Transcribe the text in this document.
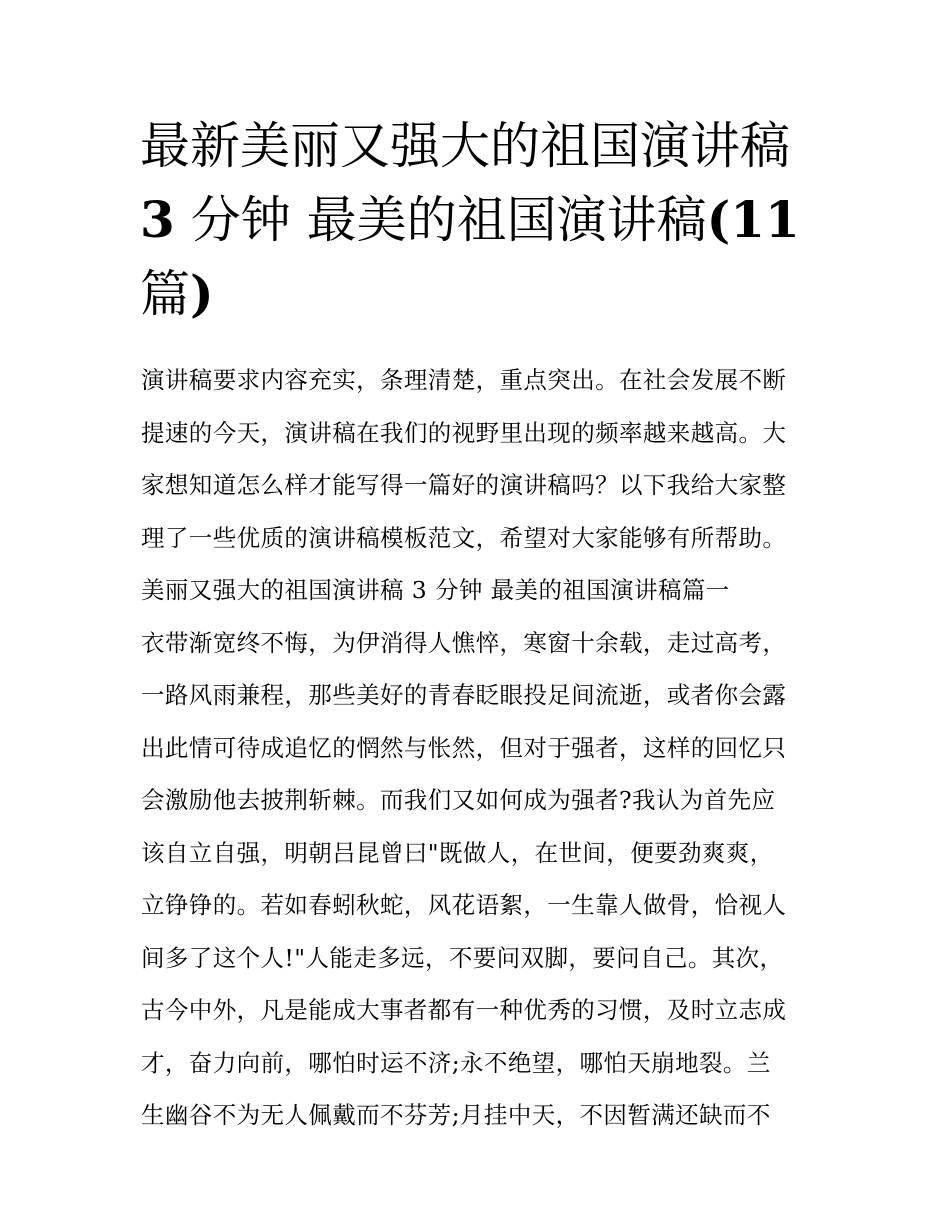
最新美丽又强大的祖国演讲稿
3 分钟 最美的祖国演讲稿(11
篇)
演讲稿要求内容充实，条理清楚，重点突出。在社会发展不断
提速的今天，演讲稿在我们的视野里出现的频率越来越高。大
家想知道怎么样才能写得一篇好的演讲稿吗？以下我给大家整
理了一些优质的演讲稿模板范文，希望对大家能够有所帮助。
美丽又强大的祖国演讲稿 3 分钟 最美的祖国演讲稿篇一
衣带渐宽终不悔，为伊消得人憔悴，寒窗十余载，走过高考，
一路风雨兼程，那些美好的青春眨眼投足间流逝，或者你会露
出此情可待成追忆的惘然与怅然，但对于强者，这样的回忆只
会激励他去披荆斩棘。而我们又如何成为强者?我认为首先应
该自立自强，明朝吕昆曾曰"既做人，在世间，便要劲爽爽，
立铮铮的。若如春蚓秋蛇，风花语絮，一生靠人做骨，恰视人
间多了这个人!"人能走多远，不要问双脚，要问自己。其次，
古今中外，凡是能成大事者都有一种优秀的习惯，及时立志成
才，奋力向前，哪怕时运不济;永不绝望，哪怕天崩地裂。兰
生幽谷不为无人佩戴而不芬芳;月挂中天，不因暂满还缺而不
